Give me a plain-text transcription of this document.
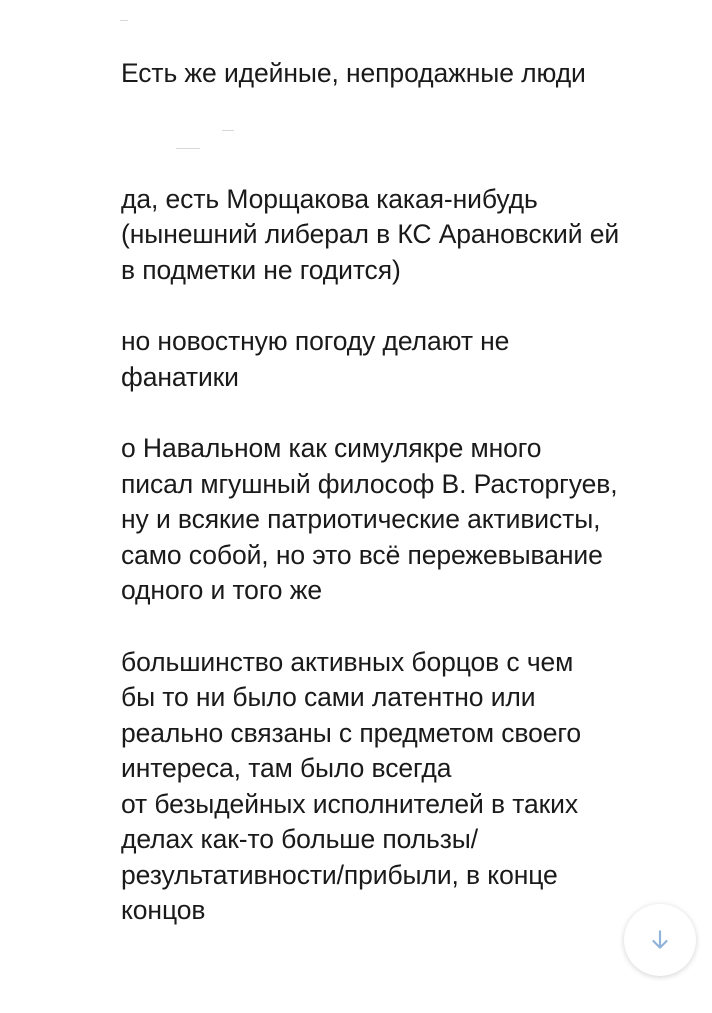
Есть же идейные, непродажные люди

да, есть Морщакова какая-нибудь
(нынешний либерал в КС Арановский ей
в подметки не годится)

но новостную погоду делают не
фанатики

о Навальном как симулякре много
писал мгушный философ В. Расторгуев,
ну и всякие патриотические активисты,
само собой, но это всё пережевывание
одного и того же

большинство активных борцов с чем
бы то ни было сами латентно или
реально связаны с предметом своего
интереса, там было всегда
от безыдейных исполнителей в таких
делах как-то больше пользы/
результативности/прибыли, в конце
концов
